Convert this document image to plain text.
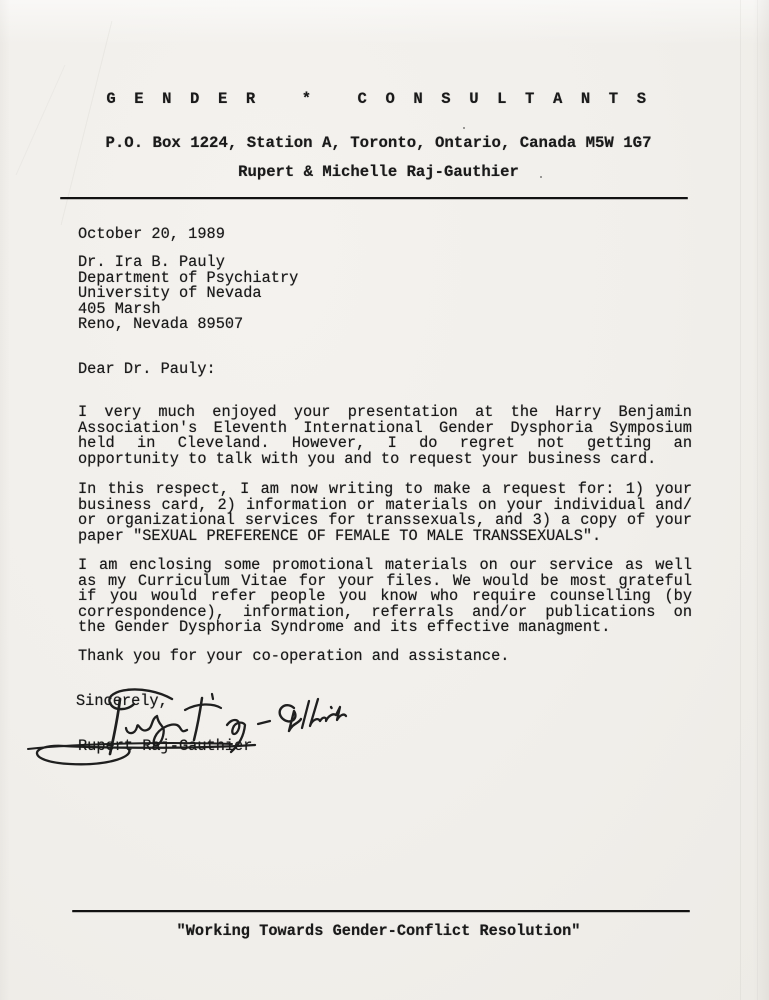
G E N D E R   *   C O N S U L T A N T S
P.O. Box 1224, Station A, Toronto, Ontario, Canada M5W 1G7
Rupert & Michelle Raj-Gauthier
October 20, 1989
Dr. Ira B. Pauly
Department of Psychiatry
University of Nevada
405 Marsh
Reno, Nevada 89507
Dear Dr. Pauly:
I very much enjoyed your presentation at the Harry Benjamin
Association's Eleventh International Gender Dysphoria Symposium
held in Cleveland. However, I do regret not getting an
opportunity to talk with you and to request your business card.
In this respect, I am now writing to make a request for: 1) your
business card, 2) information or materials on your individual and/
or organizational services for transsexuals, and 3) a copy of your
paper "SEXUAL PREFERENCE OF FEMALE TO MALE TRANSSEXUALS".
I am enclosing some promotional materials on our service as well
as my Curriculum Vitae for your files. We would be most grateful
if you would refer people you know who require counselling (by
correspondence), information, referrals and/or publications on
the Gender Dysphoria Syndrome and its effective managment.
Thank you for your co-operation and assistance.
Sincerely,
Rupert Raj-Gauthier
"Working Towards Gender-Conflict Resolution"
